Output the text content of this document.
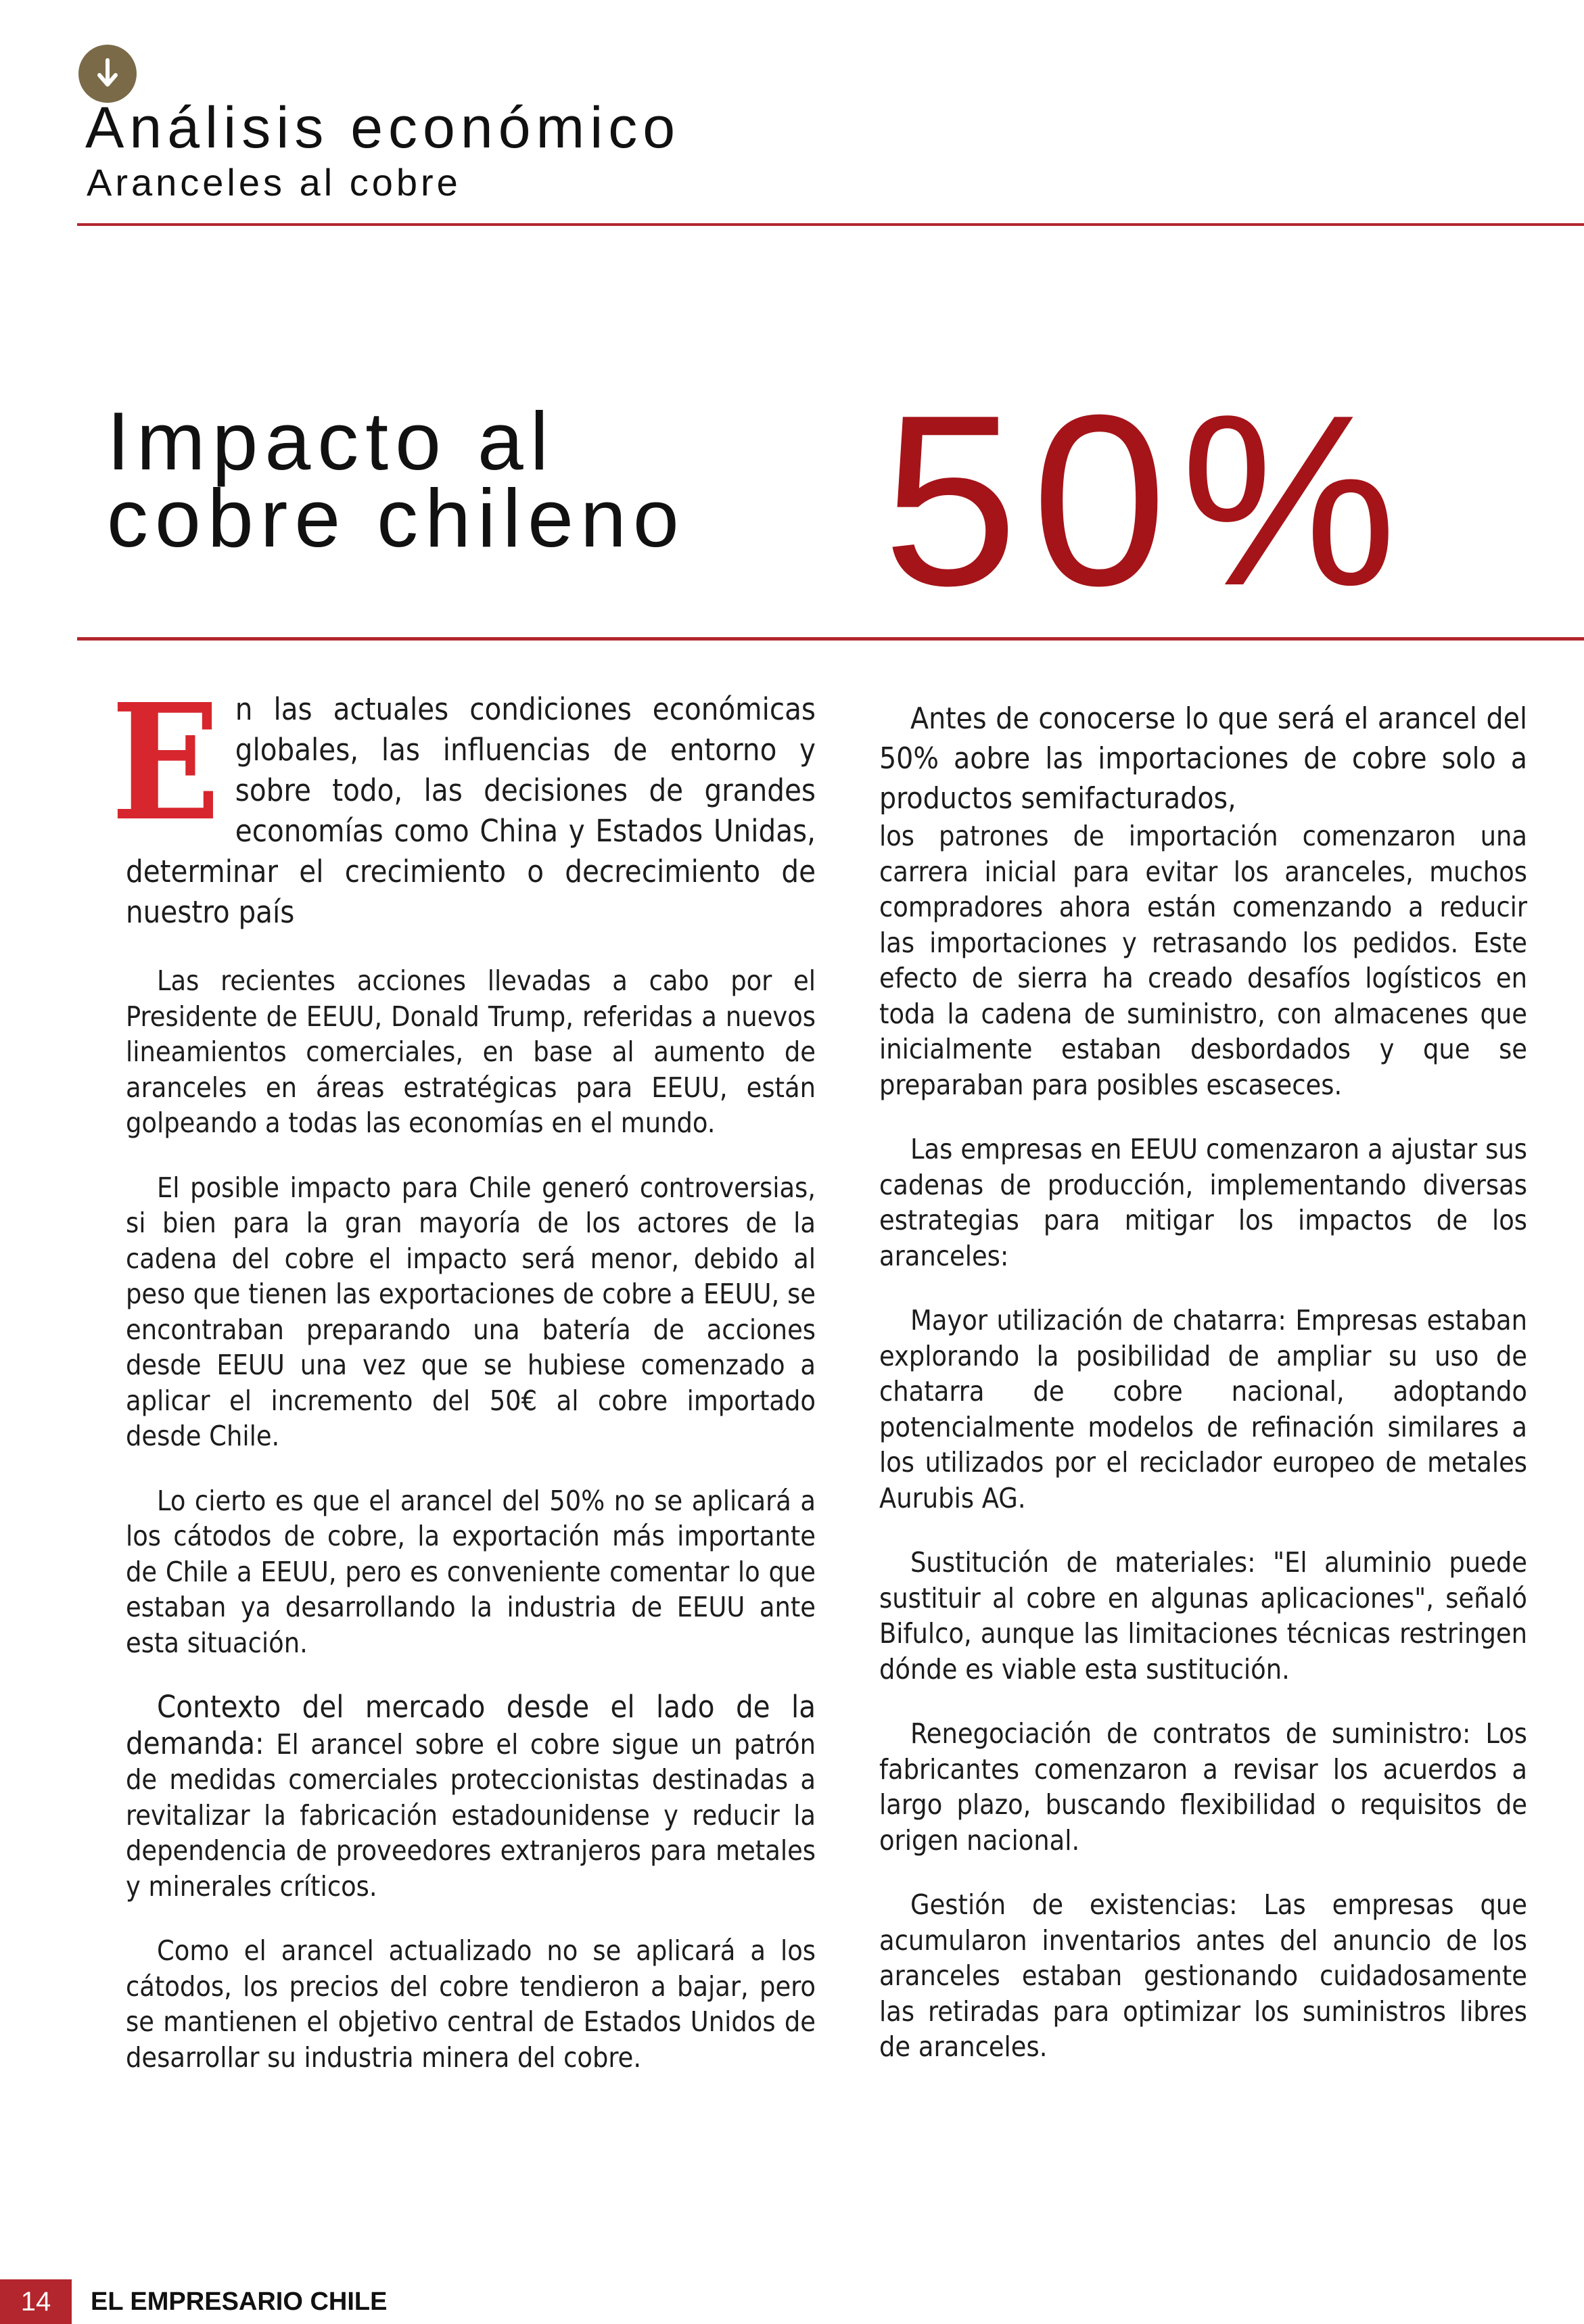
Análisis económico
Aranceles al cobre
Impacto al
cobre chileno 50%

En las actuales condiciones económicas globales, las influencias de entorno y sobre todo, las decisiones de grandes economías como China y Estados Unidas, determinar el crecimiento o decrecimiento de nuestro país

Las recientes acciones llevadas a cabo por el Presidente de EEUU, Donald Trump, referidas a nuevos lineamientos comerciales, en base al aumento de aranceles en áreas estratégicas para EEUU, están golpeando a todas las economías en el mundo.

El posible impacto para Chile generó controversias, si bien para la gran mayoría de los actores de la cadena del cobre el impacto será menor, debido al peso que tienen las exportaciones de cobre a EEUU, se encontraban preparando una batería de acciones desde EEUU una vez que se hubiese comenzado a aplicar el incremento del 50€ al cobre importado desde Chile.

Lo cierto es que el arancel del 50% no se aplicará a los cátodos de cobre, la exportación más importante de Chile a EEUU, pero es conveniente comentar lo que estaban ya desarrollando la industria de EEUU ante esta situación.

Contexto del mercado desde el lado de la demanda: El arancel sobre el cobre sigue un patrón de medidas comerciales proteccionistas destinadas a revitalizar la fabricación estadounidense y reducir la dependencia de proveedores extranjeros para metales y minerales críticos.

Como el arancel actualizado no se aplicará a los cátodos, los precios del cobre tendieron a bajar, pero se mantienen el objetivo central de Estados Unidos de desarrollar su industria minera del cobre.

Antes de conocerse lo que será el arancel del 50% aobre las importaciones de cobre solo a productos semifacturados,

los patrones de importación comenzaron una carrera inicial para evitar los aranceles, muchos compradores ahora están comenzando a reducir las importaciones y retrasando los pedidos. Este efecto de sierra ha creado desafíos logísticos en toda la cadena de suministro, con almacenes que inicialmente estaban desbordados y que se preparaban para posibles escaseces.

Las empresas en EEUU comenzaron a ajustar sus cadenas de producción, implementando diversas estrategias para mitigar los impactos de los aranceles:

Mayor utilización de chatarra: Empresas estaban explorando la posibilidad de ampliar su uso de chatarra de cobre nacional, adoptando potencialmente modelos de refinación similares a los utilizados por el reciclador europeo de metales Aurubis AG.

Sustitución de materiales: "El aluminio puede sustituir al cobre en algunas aplicaciones", señaló Bifulco, aunque las limitaciones técnicas restringen dónde es viable esta sustitución.

Renegociación de contratos de suministro: Los fabricantes comenzaron a revisar los acuerdos a largo plazo, buscando flexibilidad o requisitos de origen nacional.

Gestión de existencias: Las empresas que acumularon inventarios antes del anuncio de los aranceles estaban gestionando cuidadosamente las retiradas para optimizar los suministros libres de aranceles.

14	EL EMPRESARIO CHILE
